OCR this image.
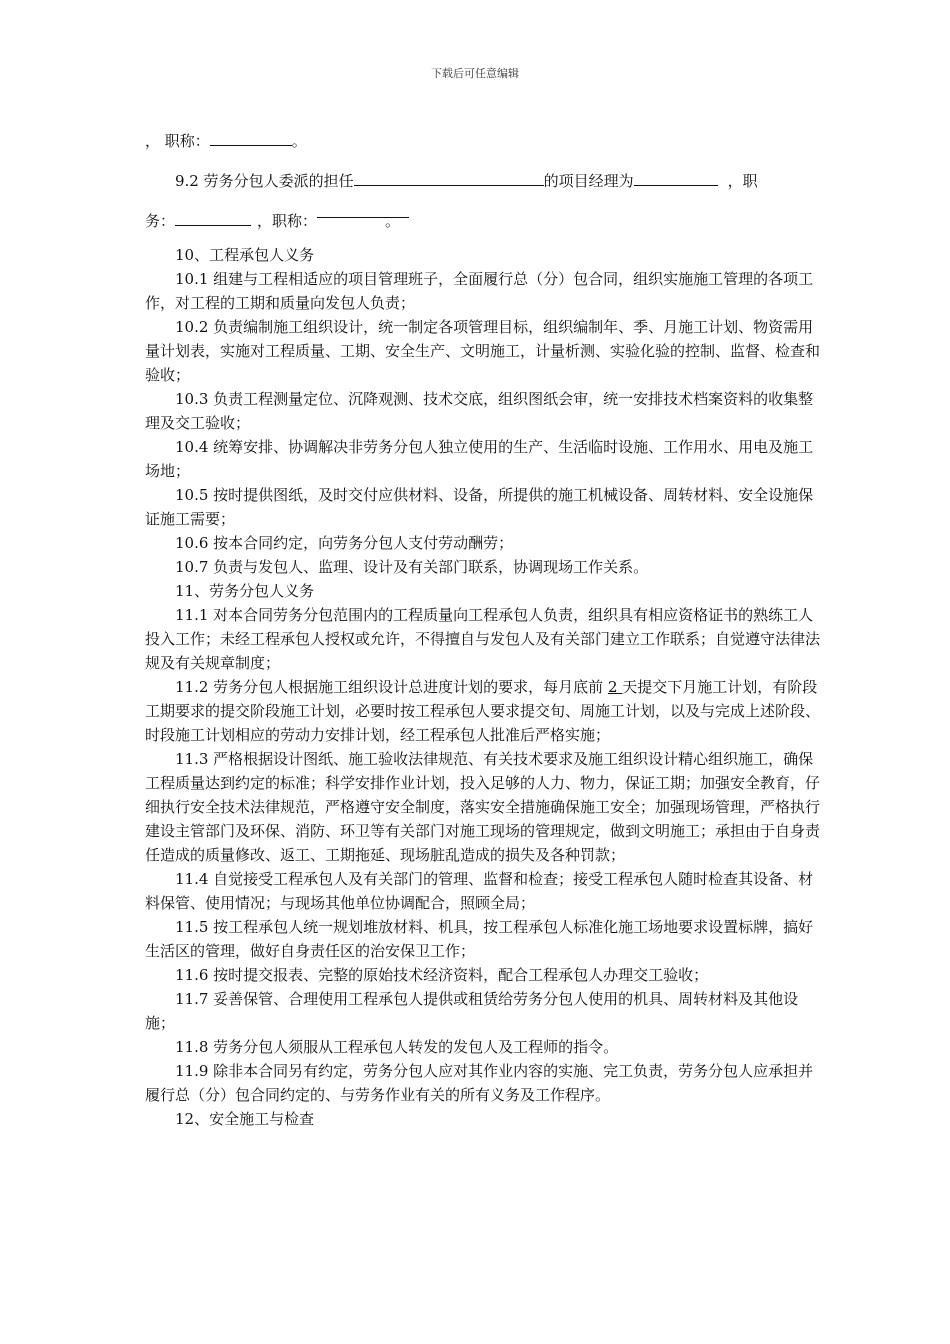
下载后可任意编辑

， 职称：	。

9.2 劳务分包人委派的担任	的项目经理为	，职

务：	，职称：	。

10、工程承包人义务

10.1 组建与工程相适应的项目管理班子，全面履行总（分）包合同，组织实施施工管理的各项工作，对工程的工期和质量向发包人负责；

10.2 负责编制施工组织设计，统一制定各项管理目标，组织编制年、季、月施工计划、物资需用量计划表，实施对工程质量、工期、安全生产、文明施工，计量析测、实验化验的控制、监督、检查和验收；

10.3 负责工程测量定位、沉降观测、技术交底，组织图纸会审，统一安排技术档案资料的收集整理及交工验收；

10.4 统筹安排、协调解决非劳务分包人独立使用的生产、生活临时设施、工作用水、用电及施工场地；

10.5 按时提供图纸，及时交付应供材料、设备，所提供的施工机械设备、周转材料、安全设施保证施工需要；

10.6 按本合同约定，向劳务分包人支付劳动酬劳；

10.7 负责与发包人、监理、设计及有关部门联系，协调现场工作关系。

11、劳务分包人义务

11.1 对本合同劳务分包范围内的工程质量向工程承包人负责，组织具有相应资格证书的熟练工人投入工作；未经工程承包人授权或允许，不得擅自与发包人及有关部门建立工作联系；自觉遵守法律法规及有关规章制度；

11.2 劳务分包人根据施工组织设计总进度计划的要求，每月底前 2 天提交下月施工计划，有阶段工期要求的提交阶段施工计划，必要时按工程承包人要求提交旬、周施工计划，以及与完成上述阶段、时段施工计划相应的劳动力安排计划，经工程承包人批准后严格实施；

11.3 严格根据设计图纸、施工验收法律规范、有关技术要求及施工组织设计精心组织施工，确保工程质量达到约定的标准；科学安排作业计划，投入足够的人力、物力，保证工期；加强安全教育，仔细执行安全技术法律规范，严格遵守安全制度，落实安全措施确保施工安全；加强现场管理，严格执行建设主管部门及环保、消防、环卫等有关部门对施工现场的管理规定，做到文明施工；承担由于自身责任造成的质量修改、返工、工期拖延、现场脏乱造成的损失及各种罚款；

11.4 自觉接受工程承包人及有关部门的管理、监督和检查；接受工程承包人随时检查其设备、材料保管、使用情况；与现场其他单位协调配合，照顾全局；

11.5 按工程承包人统一规划堆放材料、机具，按工程承包人标准化施工场地要求设置标牌，搞好生活区的管理，做好自身责任区的治安保卫工作；

11.6 按时提交报表、完整的原始技术经济资料，配合工程承包人办理交工验收；

11.7 妥善保管、合理使用工程承包人提供或租赁给劳务分包人使用的机具、周转材料及其他设施；

11.8 劳务分包人须服从工程承包人转发的发包人及工程师的指令。

11.9 除非本合同另有约定，劳务分包人应对其作业内容的实施、完工负责，劳务分包人应承担并履行总（分）包合同约定的、与劳务作业有关的所有义务及工作程序。

12、安全施工与检查
